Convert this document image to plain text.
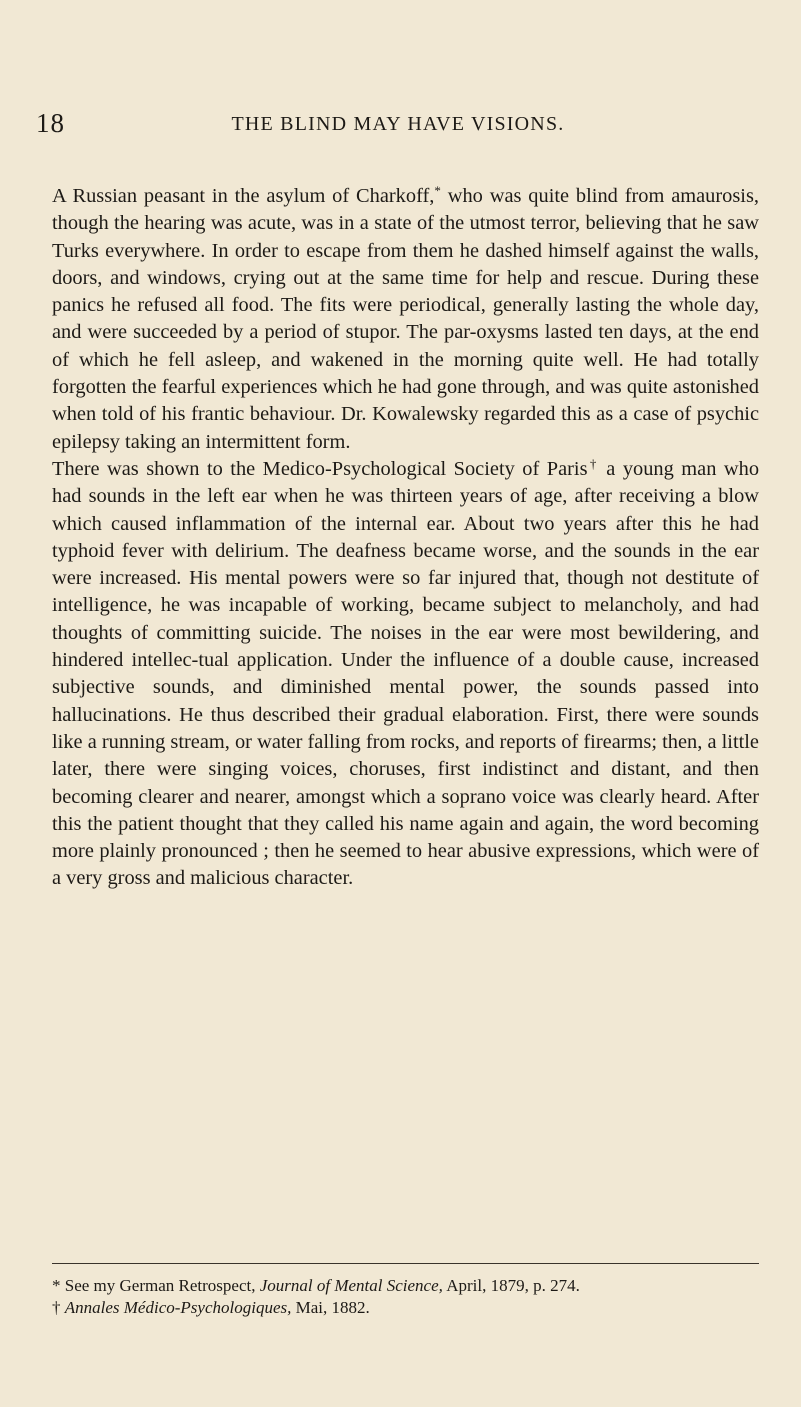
18	THE BLIND MAY HAVE VISIONS.

A Russian peasant in the asylum of Charkoff,* who was quite blind from amaurosis, though the hearing was acute, was in a state of the utmost terror, believing that he saw Turks everywhere. In order to escape from them he dashed himself against the walls, doors, and windows, crying out at the same time for help and rescue. During these panics he refused all food. The fits were periodical, generally lasting the whole day, and were succeeded by a period of stupor. The par-oxysms lasted ten days, at the end of which he fell asleep, and wakened in the morning quite well. He had totally forgotten the fearful experiences which he had gone through, and was quite astonished when told of his frantic behaviour. Dr. Kowalewsky regarded this as a case of psychic epilepsy taking an intermittent form.

There was shown to the Medico-Psychological Society of Paris† a young man who had sounds in the left ear when he was thirteen years of age, after receiving a blow which caused inflammation of the internal ear. About two years after this he had typhoid fever with delirium. The deafness became worse, and the sounds in the ear were increased. His mental powers were so far injured that, though not destitute of intelligence, he was incapable of working, became subject to melancholy, and had thoughts of committing suicide. The noises in the ear were most bewildering, and hindered intellec-tual application. Under the influence of a double cause, increased subjective sounds, and diminished mental power, the sounds passed into hallucinations. He thus described their gradual elaboration. First, there were sounds like a running stream, or water falling from rocks, and reports of firearms; then, a little later, there were singing voices, choruses, first indistinct and distant, and then becoming clearer and nearer, amongst which a soprano voice was clearly heard. After this the patient thought that they called his name again and again, the word becoming more plainly pronounced ; then he seemed to hear abusive expressions, which were of a very gross and malicious character.

* See my German Retrospect, Journal of Mental Science, April, 1879, p. 274.

† Annales Médico-Psychologiques, Mai, 1882.
